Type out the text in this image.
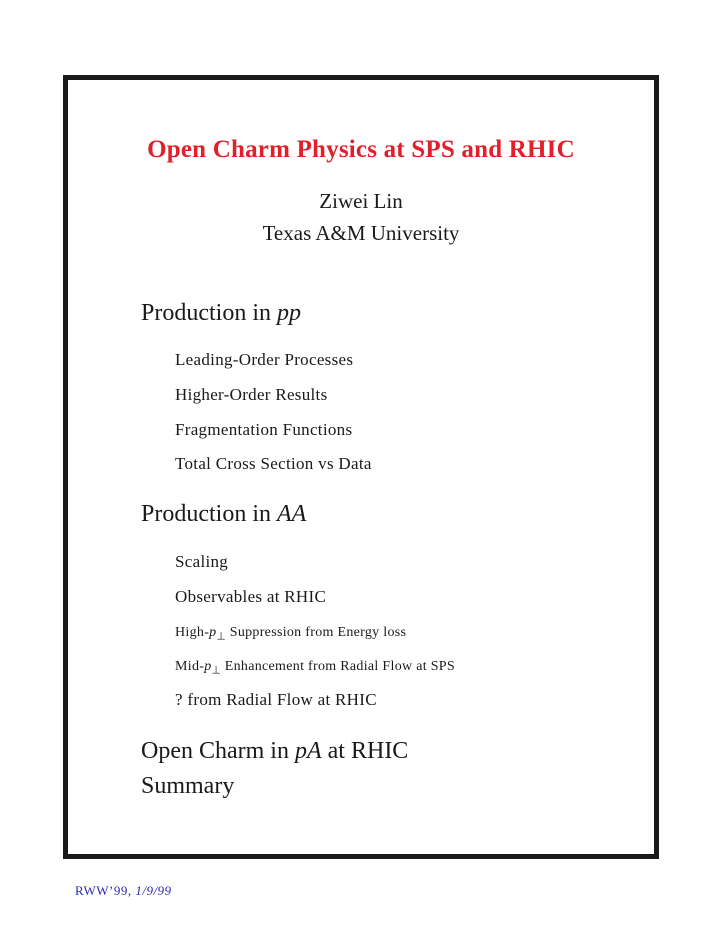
Open Charm Physics at SPS and RHIC
Ziwei Lin
Texas A&M University
Production in pp
Leading-Order Processes
Higher-Order Results
Fragmentation Functions
Total Cross Section vs Data
Production in AA
Scaling
Observables at RHIC
High-$p_\perp$ Suppression from Energy loss
Mid-$p_\perp$ Enhancement from Radial Flow at SPS
? from Radial Flow at RHIC
Open Charm in pA at RHIC
Summary
RWW’99, 1/9/99
